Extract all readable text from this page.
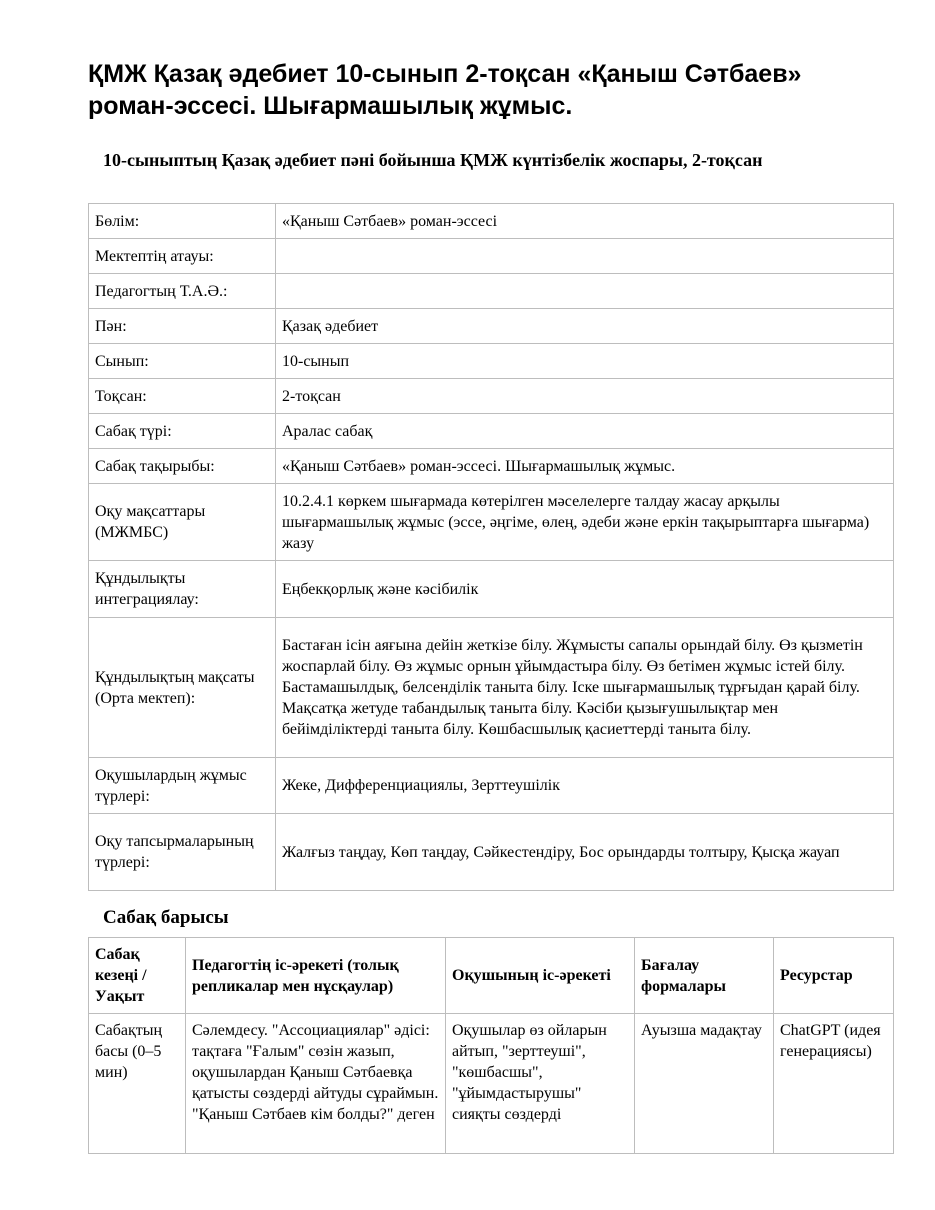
ҚМЖ Қазақ әдебиет 10-сынып 2-тоқсан «Қаныш Сәтбаев» роман-эссесі. Шығармашылық жұмыс.
10-сыныптың Қазақ әдебиет пәні бойынша ҚМЖ күнтізбелік жоспары, 2-тоқсан
Бөлім:	«Қаныш Сәтбаев» роман-эссесі
Мектептің атауы:	
Педагогтың Т.А.Ә.:	
Пән:	Қазақ әдебиет
Сынып:	10-сынып
Тоқсан:	2-тоқсан
Сабақ түрі:	Аралас сабақ
Сабақ тақырыбы:	«Қаныш Сәтбаев» роман-эссесі. Шығармашылық жұмыс.
Оқу мақсаттары (МЖМБС)	10.2.4.1 көркем шығармада көтерілген мәселелерге талдау жасау арқылы шығармашылық жұмыс (эссе, әңгіме, өлең, әдеби және еркін тақырыптарға шығарма) жазу
Құндылықты интеграциялау:	Еңбекқорлық және кәсібилік
Құндылықтың мақсаты (Орта мектеп):	Бастаған ісін аяғына дейін жеткізе білу. Жұмысты сапалы орындай білу. Өз қызметін жоспарлай білу. Өз жұмыс орнын ұйымдастыра білу. Өз бетімен жұмыс істей білу. Бастамашылдық, белсенділік таныта білу. Іске шығармашылық тұрғыдан қарай білу. Мақсатқа жетуде табандылық таныта білу. Кәсіби қызығушылықтар мен бейімділіктерді таныта білу. Көшбасшылық қасиеттерді таныта білу.
Оқушылардың жұмыс түрлері:	Жеке, Дифференциациялы, Зерттеушілік
Оқу тапсырмаларының түрлері:	Жалғыз таңдау, Көп таңдау, Сәйкестендіру, Бос орындарды толтыру, Қысқа жауап
Сабақ барысы
Сабақ кезеңі / Уақыт	Педагогтің іс-әрекеті (толық репликалар мен нұсқаулар)	Оқушының іс-әрекеті	Бағалау формалары	Ресурстар

Сабақтың басы (0–5 мин)	Сәлемдесу. "Ассоциациялар" әдісі: тақтаға "Ғалым" сөзін жазып, оқушылардан Қаныш Сәтбаевқа қатысты сөздерді айтуды сұраймын. "Қаныш Сәтбаев кім болды?" деген	Оқушылар өз ойларын айтып, "зерттеуші", "көшбасшы", "ұйымдастырушы" сияқты сөздерді	Ауызша мадақтау	ChatGPT (идея генерациясы)
